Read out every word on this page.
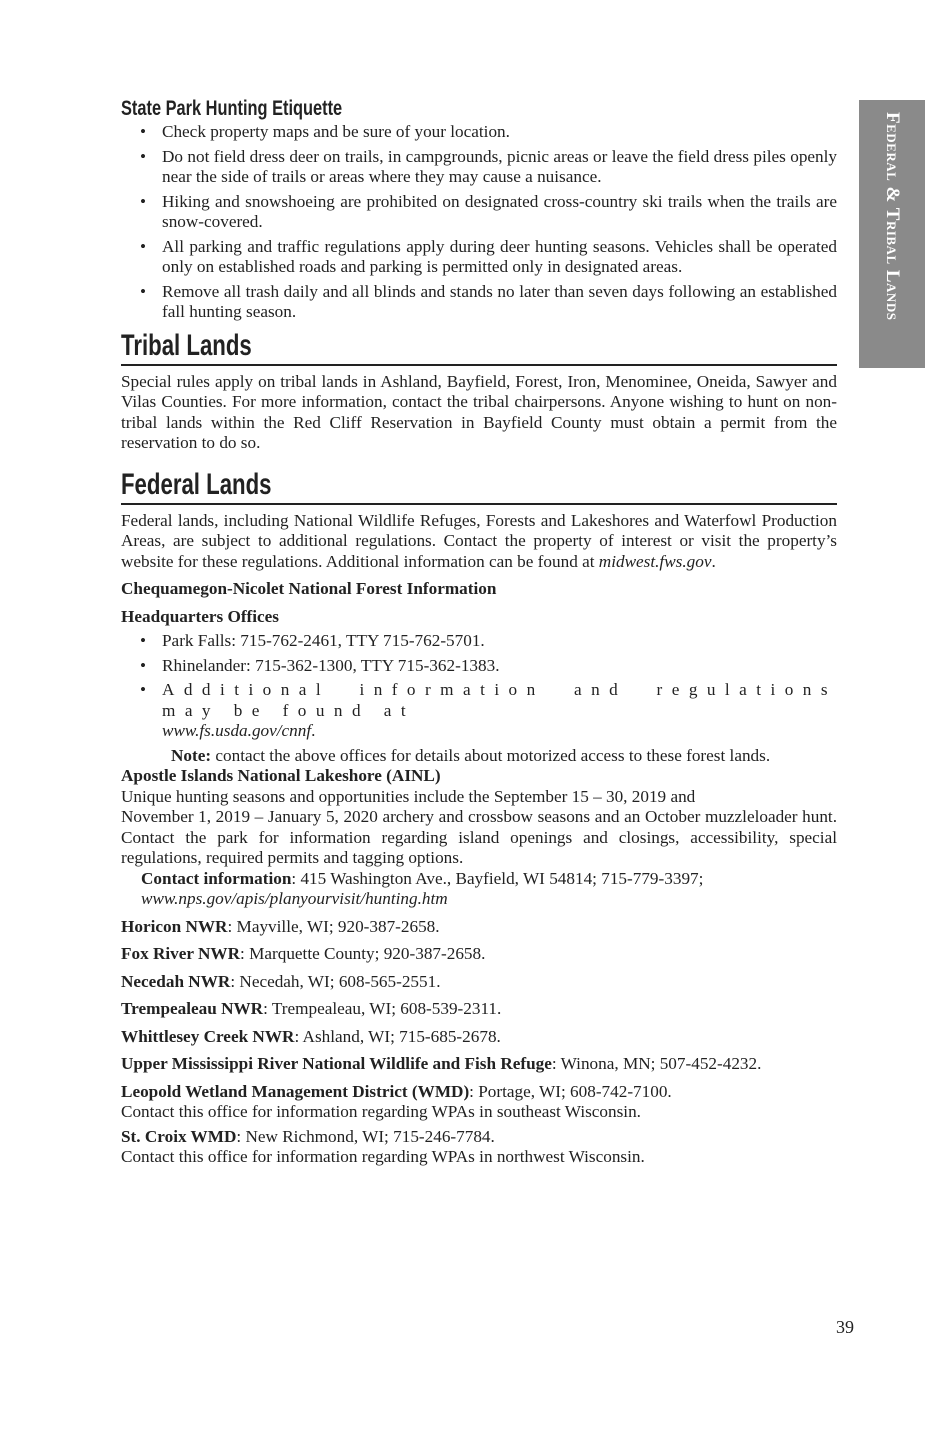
Federal & Tribal Lands
State Park Hunting Etiquette
• Check property maps and be sure of your location.
• Do not field dress deer on trails, in campgrounds, picnic areas or leave the field dress piles openly near the side of trails or areas where they may cause a nuisance.
• Hiking and snowshoeing are prohibited on designated cross-country ski trails when the trails are snow-covered.
• All parking and traffic regulations apply during deer hunting seasons. Vehicles shall be operated only on established roads and parking is permitted only in designated areas.
• Remove all trash daily and all blinds and stands no later than seven days following an established fall hunting season.
Tribal Lands

Special rules apply on tribal lands in Ashland, Bayfield, Forest, Iron, Menominee, Oneida, Sawyer and Vilas Counties. For more information, contact the tribal chairpersons. Anyone wishing to hunt on non-tribal lands within the Red Cliff Reservation in Bayfield County must obtain a permit from the reservation to do so.

Federal Lands

Federal lands, including National Wildlife Refuges, Forests and Lakeshores and Waterfowl Production Areas, are subject to additional regulations. Contact the property of interest or visit the property’s website for these regulations. Additional information can be found at midwest.fws.gov.

Chequamegon-Nicolet National Forest Information

Headquarters Offices

• Park Falls: 715-762-2461, TTY 715-762-5701.
• Rhinelander: 715-362-1300, TTY 715-362-1383.
• Additional information and regulations may be found at
www.fs.usda.gov/cnnf.

Note: contact the above offices for details about motorized access to these forest lands.

Apostle Islands National Lakeshore (AINL)

Unique hunting seasons and opportunities include the September 15 – 30, 2019 and

November 1, 2019 – January 5, 2020 archery and crossbow seasons and an October muzzleloader hunt. Contact the park for information regarding island openings and closings, accessibility, special regulations, required permits and tagging options.

Contact information: 415 Washington Ave., Bayfield, WI 54814; 715-779-3397;
www.nps.gov/apis/planyourvisit/hunting.htm

Horicon NWR: Mayville, WI; 920-387-2658.

Fox River NWR: Marquette County; 920-387-2658.

Necedah NWR: Necedah, WI; 608-565-2551.

Trempealeau NWR: Trempealeau, WI; 608-539-2311.

Whittlesey Creek NWR: Ashland, WI; 715-685-2678.

Upper Mississippi River National Wildlife and Fish Refuge: Winona, MN; 507-452-4232.

Leopold Wetland Management District (WMD): Portage, WI; 608-742-7100.

Contact this office for information regarding WPAs in southeast Wisconsin.

St. Croix WMD: New Richmond, WI; 715-246-7784.

Contact this office for information regarding WPAs in northwest Wisconsin.

39
